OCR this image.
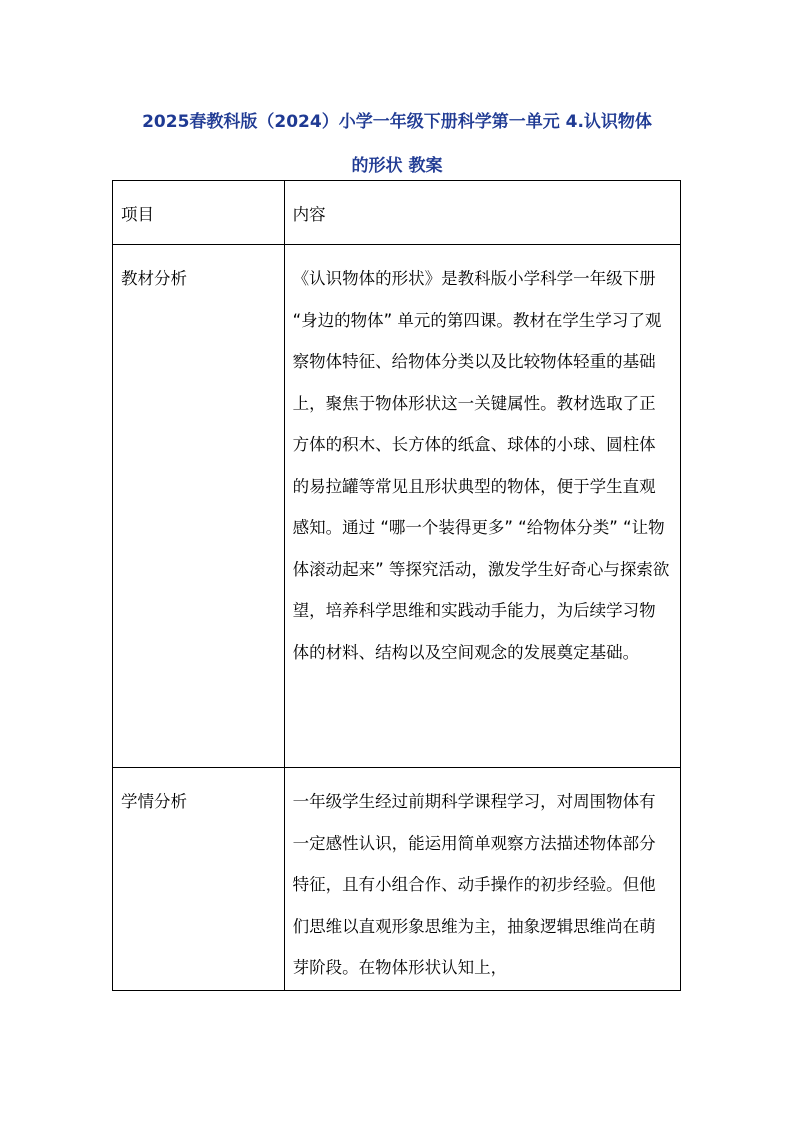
2025春教科版（2024）小学一年级下册科学第一单元 4.认识物体
的形状 教案
项目	内容
教材分析	《认识物体的形状》是教科版小学科学一年级下册 “身边的物体” 单元的第四课。教材在学生学习了观察物体特征、给物体分类以及比较物体轻重的基础上，聚焦于物体形状这一关键属性。教材选取了正方体的积木、长方体的纸盒、球体的小球、圆柱体的易拉罐等常见且形状典型的物体，便于学生直观感知。通过 “哪一个装得更多” “给物体分类” “让物体滚动起来” 等探究活动，激发学生好奇心与探索欲望，培养科学思维和实践动手能力，为后续学习物体的材料、结构以及空间观念的发展奠定基础。
学情分析	一年级学生经过前期科学课程学习，对周围物体有一定感性认识，能运用简单观察方法描述物体部分特征，且有小组合作、动手操作的初步经验。但他们思维以直观形象思维为主，抽象逻辑思维尚在萌芽阶段。在物体形状认知上，
